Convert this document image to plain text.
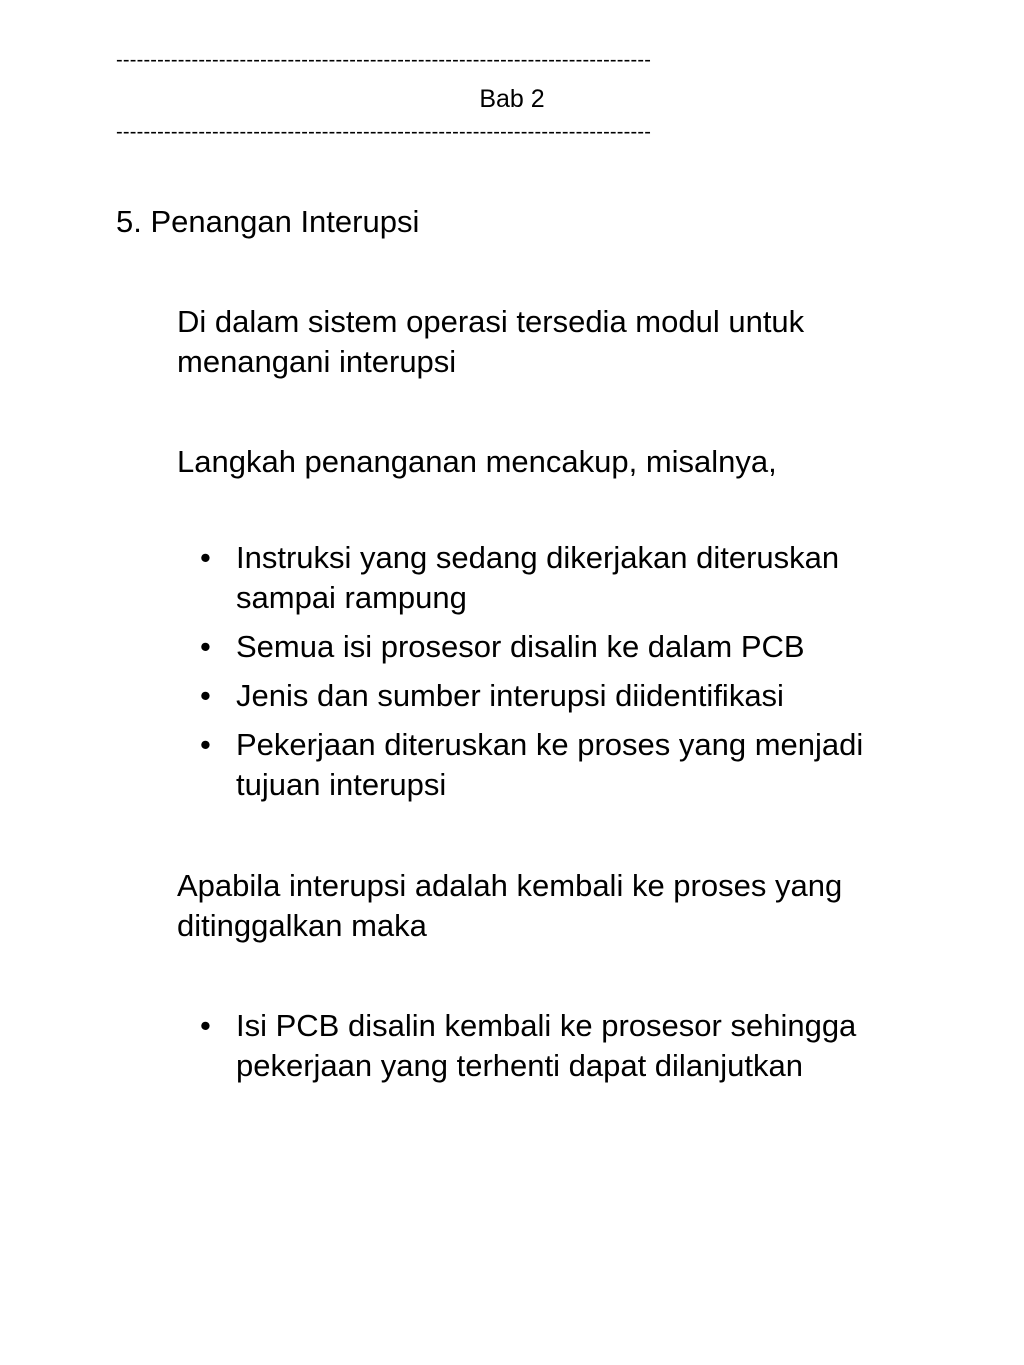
------------------------------------------------------------------------------
Bab 2
------------------------------------------------------------------------------
5. Penangan Interupsi
Di dalam sistem operasi tersedia modul untuk menangani interupsi
Langkah penanganan mencakup, misalnya,
• Instruksi yang sedang dikerjakan diteruskan sampai rampung
• Semua isi prosesor disalin ke dalam PCB
• Jenis dan sumber interupsi diidentifikasi
• Pekerjaan diteruskan ke proses yang menjadi tujuan interupsi
Apabila interupsi adalah kembali ke proses yang ditinggalkan maka
• Isi PCB disalin kembali ke prosesor sehingga pekerjaan yang terhenti dapat dilanjutkan
